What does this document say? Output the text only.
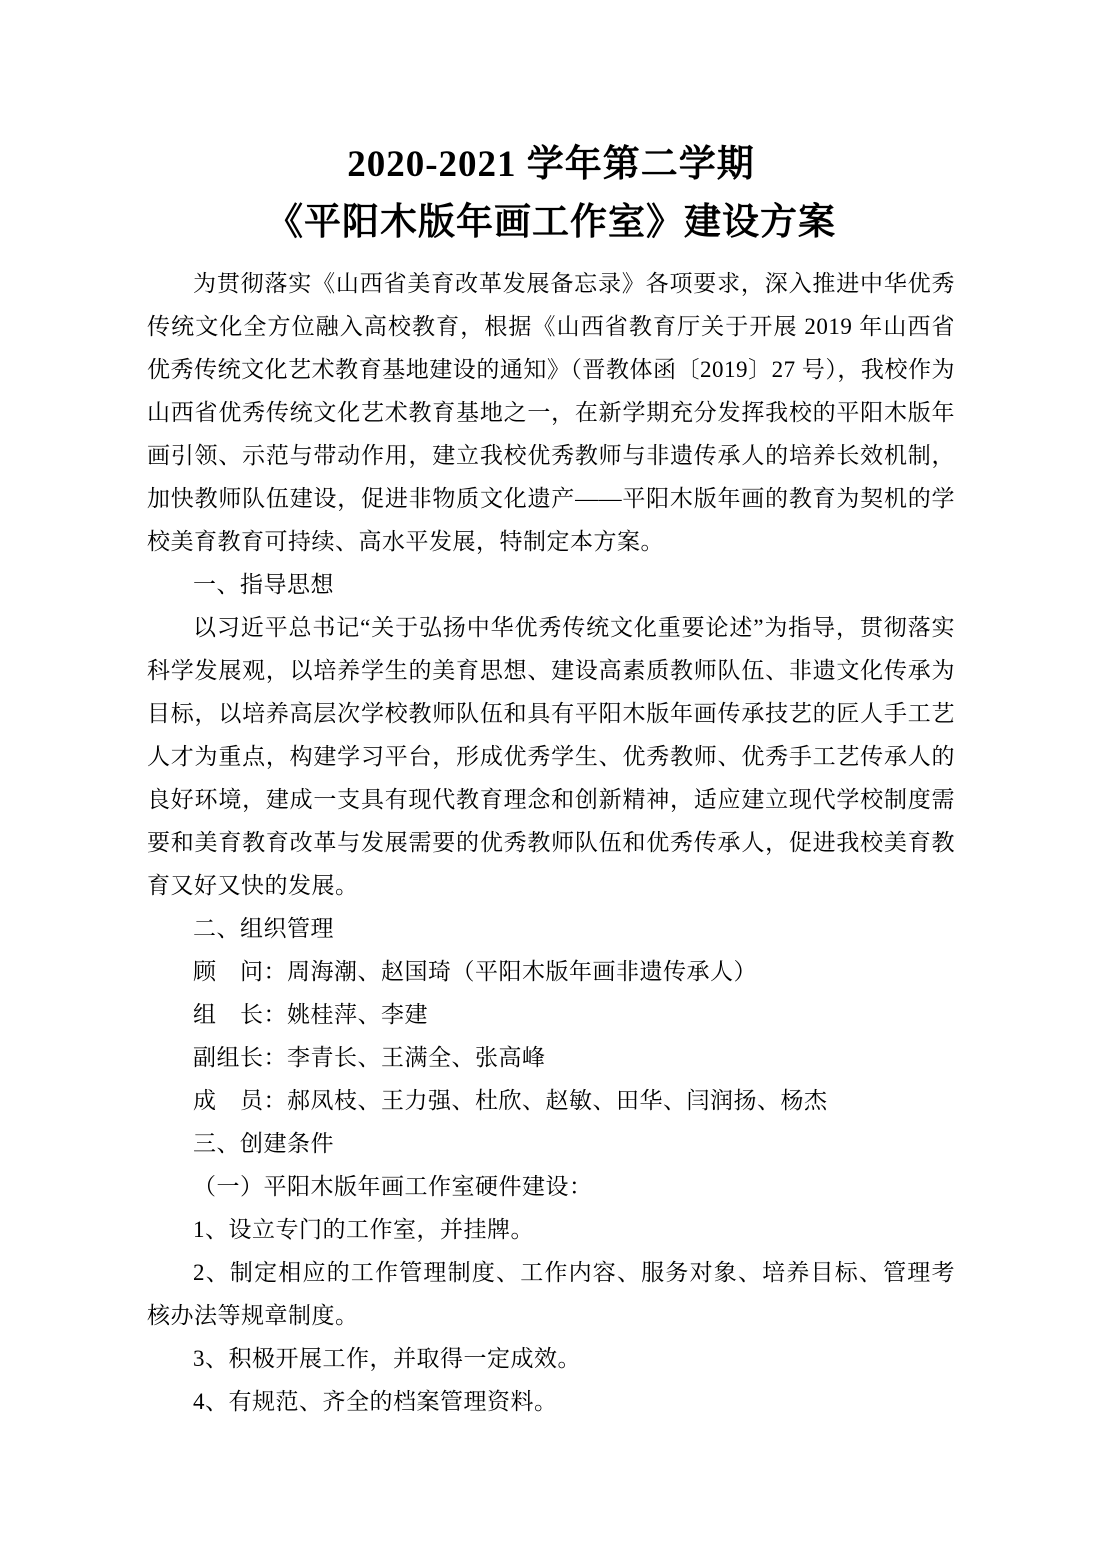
2020-2021 学年第二学期
《平阳木版年画工作室》建设方案

为贯彻落实《山西省美育改革发展备忘录》各项要求，深入推进中华优秀传统文化全方位融入高校教育，根据《山西省教育厅关于开展 2019 年山西省优秀传统文化艺术教育基地建设的通知》（晋教体函〔2019〕27 号），我校作为山西省优秀传统文化艺术教育基地之一，在新学期充分发挥我校的平阳木版年画引领、示范与带动作用，建立我校优秀教师与非遗传承人的培养长效机制，加快教师队伍建设，促进非物质文化遗产——平阳木版年画的教育为契机的学校美育教育可持续、高水平发展，特制定本方案。

一、指导思想

以习近平总书记“关于弘扬中华优秀传统文化重要论述”为指导，贯彻落实科学发展观，以培养学生的美育思想、建设高素质教师队伍、非遗文化传承为目标，以培养高层次学校教师队伍和具有平阳木版年画传承技艺的匠人手工艺人才为重点，构建学习平台，形成优秀学生、优秀教师、优秀手工艺传承人的良好环境，建成一支具有现代教育理念和创新精神，适应建立现代学校制度需要和美育教育改革与发展需要的优秀教师队伍和优秀传承人，促进我校美育教育又好又快的发展。

二、组织管理

顾　问：周海潮、赵国琦（平阳木版年画非遗传承人）

组　长：姚桂萍、李建

副组长：李青长、王满全、张高峰

成　员：郝凤枝、王力强、杜欣、赵敏、田华、闫润扬、杨杰

三、创建条件

（一）平阳木版年画工作室硬件建设：

1、设立专门的工作室，并挂牌。

2、制定相应的工作管理制度、工作内容、服务对象、培养目标、管理考核办法等规章制度。

3、积极开展工作，并取得一定成效。

4、有规范、齐全的档案管理资料。
